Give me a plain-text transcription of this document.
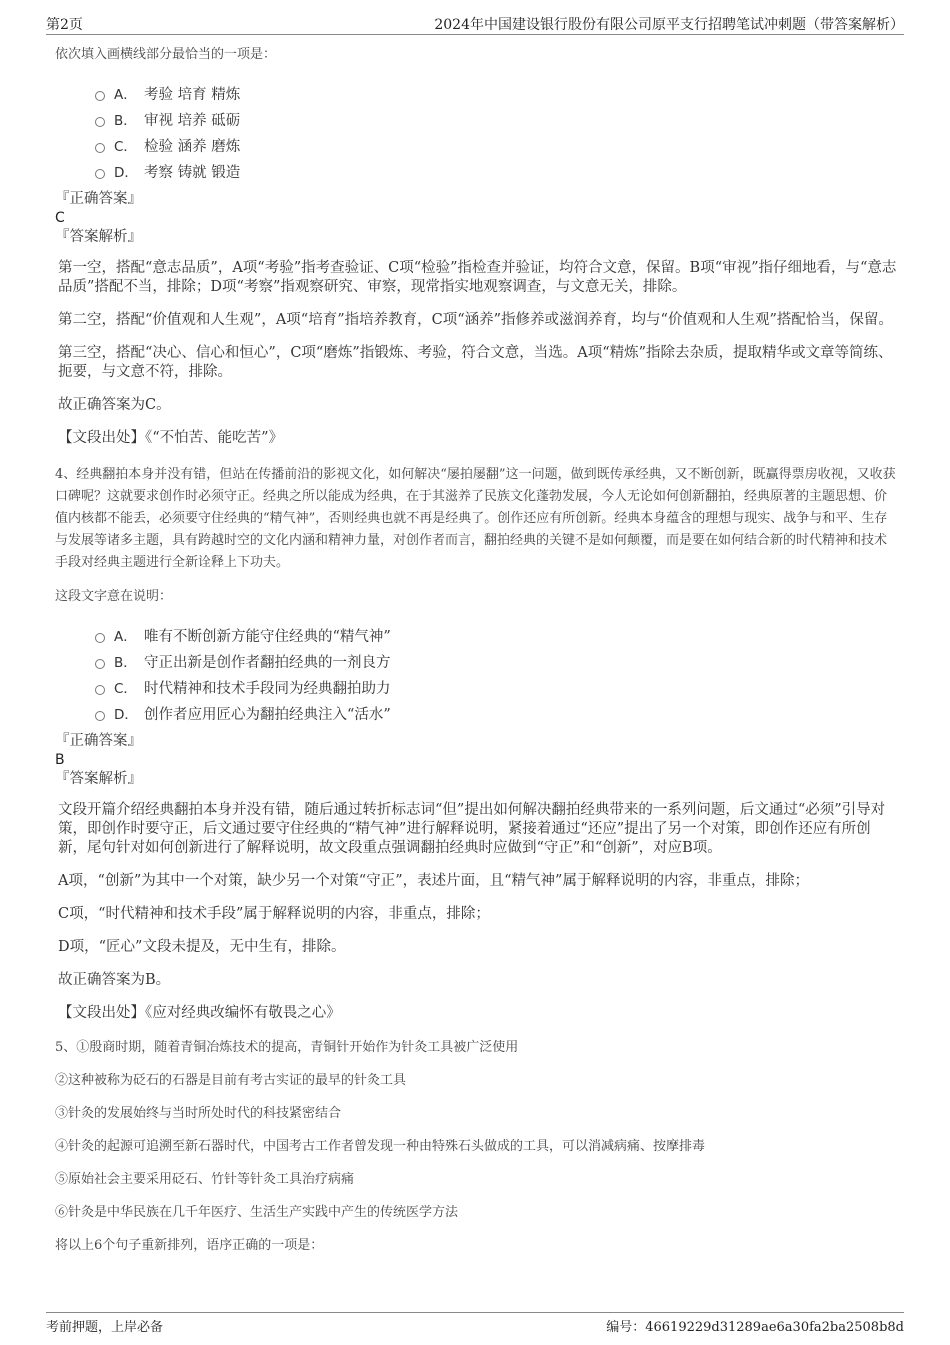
第2页	2024年中国建设银行股份有限公司原平支行招聘笔试冲刺题（带答案解析）

依次填入画横线部分最恰当的一项是：

A． 考验 培育 精炼
B． 审视 培养 砥砺
C． 检验 涵养 磨炼
D． 考察 铸就 锻造
『正确答案』
C
『答案解析』
第一空，搭配“意志品质”，A项“考验”指考查验证、C项“检验”指检查并验证，均符合文意，保留。B项“审视”指仔细地看，与“意志品质”搭配不当，排除；D项“考察”指观察研究、审察，现常指实地观察调查，与文意无关，排除。
第二空，搭配“价值观和人生观”，A项“培育”指培养教育，C项“涵养”指修养或滋润养育，均与“价值观和人生观”搭配恰当，保留。
第三空，搭配“决心、信心和恒心”，C项“磨炼”指锻炼、考验，符合文意，当选。A项“精炼”指除去杂质，提取精华或文章等简练、扼要，与文意不符，排除。
故正确答案为C。
【文段出处】《“不怕苦、能吃苦”》
4、经典翻拍本身并没有错，但站在传播前沿的影视文化，如何解决“屡拍屡翻”这一问题，做到既传承经典，又不断创新，既赢得票房收视，又收获口碑呢？这就要求创作时必须守正。经典之所以能成为经典，在于其滋养了民族文化蓬勃发展，今人无论如何创新翻拍，经典原著的主题思想、价值内核都不能丢，必须要守住经典的“精气神”，否则经典也就不再是经典了。创作还应有所创新。经典本身蕴含的理想与现实、战争与和平、生存与发展等诸多主题，具有跨越时空的文化内涵和精神力量，对创作者而言，翻拍经典的关键不是如何颠覆，而是要在如何结合新的时代精神和技术手段对经典主题进行全新诠释上下功夫。

这段文字意在说明：

A． 唯有不断创新方能守住经典的“精气神”
B． 守正出新是创作者翻拍经典的一剂良方
C． 时代精神和技术手段同为经典翻拍助力
D． 创作者应用匠心为翻拍经典注入“活水”
『正确答案』
B
『答案解析』
文段开篇介绍经典翻拍本身并没有错，随后通过转折标志词“但”提出如何解决翻拍经典带来的一系列问题，后文通过“必须”引导对策，即创作时要守正，后文通过要守住经典的“精气神”进行解释说明，紧接着通过“还应”提出了另一个对策，即创作还应有所创新，尾句针对如何创新进行了解释说明，故文段重点强调翻拍经典时应做到“守正”和“创新”，对应B项。
A项，“创新”为其中一个对策，缺少另一个对策“守正”，表述片面，且“精气神”属于解释说明的内容，非重点，排除；
C项，“时代精神和技术手段”属于解释说明的内容，非重点，排除；
D项，“匠心”文段未提及，无中生有，排除。
故正确答案为B。
【文段出处】《应对经典改编怀有敬畏之心》
5、①殷商时期，随着青铜冶炼技术的提高，青铜针开始作为针灸工具被广泛使用
②这种被称为砭石的石器是目前有考古实证的最早的针灸工具
③针灸的发展始终与当时所处时代的科技紧密结合
④针灸的起源可追溯至新石器时代，中国考古工作者曾发现一种由特殊石头做成的工具，可以消减病痛、按摩排毒
⑤原始社会主要采用砭石、竹针等针灸工具治疗病痛
⑥针灸是中华民族在几千年医疗、生活生产实践中产生的传统医学方法
将以上6个句子重新排列，语序正确的一项是：
考前押题，上岸必备	编号：46619229d31289ae6a30fa2ba2508b8d
